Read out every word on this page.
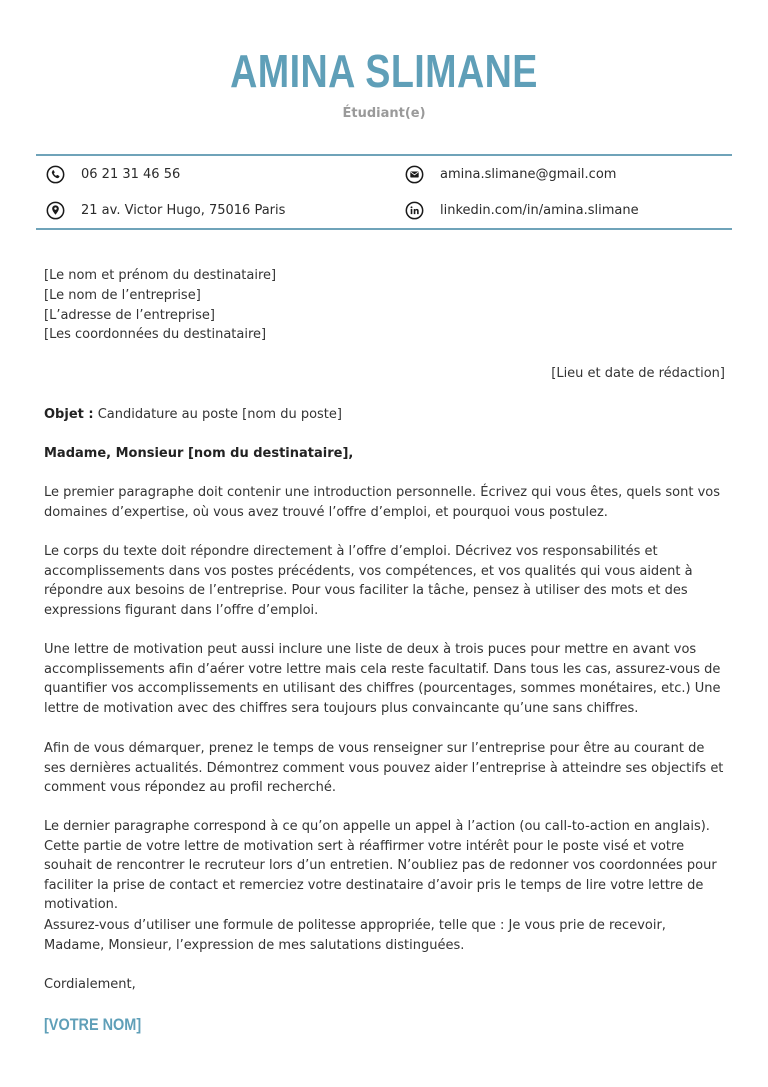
AMINA SLIMANE
Étudiant(e)
06 21 31 46 56	amina.slimane@gmail.com
21 av. Victor Hugo, 75016 Paris	linkedin.com/in/amina.slimane
[Le nom et prénom du destinataire]
[Le nom de l’entreprise]
[L’adresse de l’entreprise]
[Les coordonnées du destinataire]
[Lieu et date de rédaction]
Objet : Candidature au poste [nom du poste]
Madame, Monsieur [nom du destinataire],
Le premier paragraphe doit contenir une introduction personnelle. Écrivez qui vous êtes, quels sont vos domaines d’expertise, où vous avez trouvé l’offre d’emploi, et pourquoi vous postulez.
Le corps du texte doit répondre directement à l’offre d’emploi. Décrivez vos responsabilités et accomplissements dans vos postes précédents, vos compétences, et vos qualités qui vous aident à répondre aux besoins de l’entreprise. Pour vous faciliter la tâche, pensez à utiliser des mots et des expressions figurant dans l’offre d’emploi.
Une lettre de motivation peut aussi inclure une liste de deux à trois puces pour mettre en avant vos accomplissements afin d’aérer votre lettre mais cela reste facultatif. Dans tous les cas, assurez-vous de quantifier vos accomplissements en utilisant des chiffres (pourcentages, sommes monétaires, etc.) Une lettre de motivation avec des chiffres sera toujours plus convaincante qu’une sans chiffres.
Afin de vous démarquer, prenez le temps de vous renseigner sur l’entreprise pour être au courant de ses dernières actualités. Démontrez comment vous pouvez aider l’entreprise à atteindre ses objectifs et comment vous répondez au profil recherché.
Le dernier paragraphe correspond à ce qu’on appelle un appel à l’action (ou call-to-action en anglais). Cette partie de votre lettre de motivation sert à réaffirmer votre intérêt pour le poste visé et votre souhait de rencontrer le recruteur lors d’un entretien. N’oubliez pas de redonner vos coordonnées pour faciliter la prise de contact et remerciez votre destinataire d’avoir pris le temps de lire votre lettre de motivation.
Assurez-vous d’utiliser une formule de politesse appropriée, telle que : Je vous prie de recevoir, Madame, Monsieur, l’expression de mes salutations distinguées.
Cordialement,
[VOTRE NOM]
